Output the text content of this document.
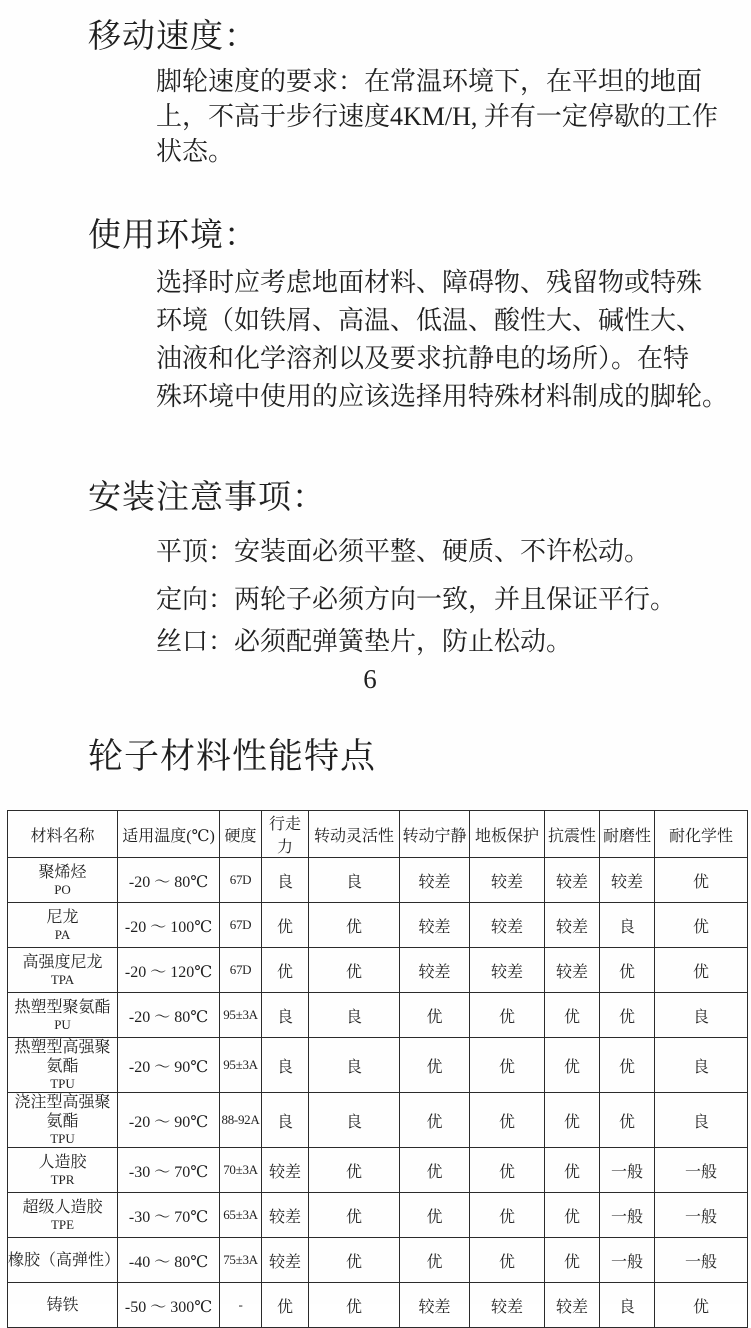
移动速度：
脚轮速度的要求：在常温环境下，在平坦的地面
上，不高于步行速度4KM/H, 并有一定停歇的工作
状态。
使用环境：
选择时应考虑地面材料、障碍物、残留物或特殊
环境（如铁屑、高温、低温、酸性大、碱性大、
油液和化学溶剂以及要求抗静电的场所）。在特
殊环境中使用的应该选择用特殊材料制成的脚轮。
安装注意事项：
平顶：安装面必须平整、硬质、不许松动。
定向：两轮子必须方向一致，并且保证平行。
丝口：必须配弹簧垫片，防止松动。
6
轮子材料性能特点
材料名称	适用温度(℃)	硬度	行走力	转动灵活性	转动宁静	地板保护	抗震性	耐磨性	耐化学性

聚烯烃
PO	-20 ～ 80℃	67D	良	良	较差	较差	较差	较差	优

尼龙
PA	-20 ～ 100℃	67D	优	优	较差	较差	较差	良	优

高强度尼龙
TPA	-20 ～ 120℃	67D	优	优	较差	较差	较差	优	优

热塑型聚氨酯
PU	-20 ～ 80℃	95±3A	良	良	优	优	优	优	良

热塑型高强聚氨酯
TPU	-20 ～ 90℃	95±3A	良	良	优	优	优	优	良

浇注型高强聚氨酯
TPU	-20 ～ 90℃	88-92A	良	良	优	优	优	优	良

人造胶
TPR	-30 ～ 70℃	70±3A	较差	优	优	优	优	一般	一般

超级人造胶
TPE	-30 ～ 70℃	65±3A	较差	优	优	优	优	一般	一般

橡胶（高弹性）	-40 ～ 80℃	75±3A	较差	优	优	优	优	一般	一般

铸铁	-50 ～ 300℃	-	优	优	较差	较差	较差	良	优
